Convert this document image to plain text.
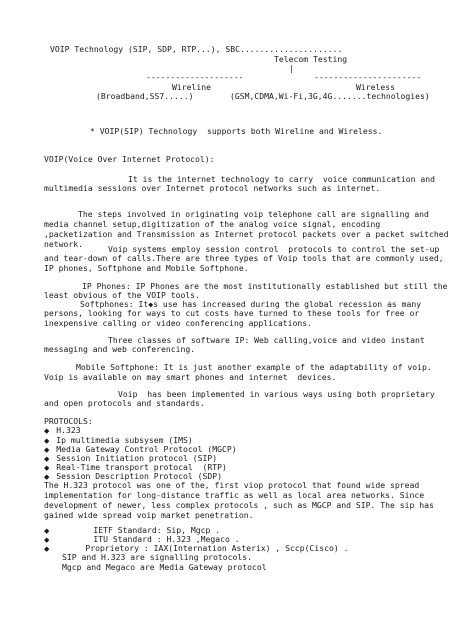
VOIP Technology (SIP, SDP, RTP...), SBC.....................
Telecom Testing
|
--------------------	----------------------
Wireline	Wireless
(Broadband,SS7.....)	(GSM,CDMA,Wi-Fi,3G,4G.......technologies)
* VOIP(SIP) Technology  supports both Wireline and Wireless.
VOIP(Voice Over Internet Protocol):
It is the internet technology to carry  voice communication and
multimedia sessions over Internet protocol networks such as internet.

The steps involved in originating voip telephone call are signalling and
media channel setup,digitization of the analog voice signal, encoding
,packetization and Transmission as Internet protocol packets over a packet switched
network.	Voip systems employ session control  protocols to control the set-up
and tear-down of calls.There are three types of Voip tools that are commonly used,
IP phones, Softphone and Mobile Softphone.
IP Phones: IP Phones are the most institutionally established but still the
least obvious of the VOIP tools.
Softphones: It◆s use has increased during the global recession as many
persons, looking for ways to cut costs have turned to these tools for free or
inexpensive calling or video conferencing applications.
Three classes of software IP: Web calling,voice and video instant
messaging and web conferencing.
Mobile Softphone: It is just another example of the adaptability of voip.
Voip is available on may smart phones and internet  devices.
Voip  has been implemented in various ways using both proprietary
and open protocols and standards.
PROTOCOLS:
◆ H.323
◆ Ip multimedia subsysem (IMS)
◆ Media Gateway Control Protocol (MGCP)
◆ Session Initiation protocol (SIP)
◆ Real-Time transport protocal  (RTP)
◆ Session Description Protocol (SDP)
The H.323 protocol was one of the, first viop protocol that found wide spread
implementation for long-distance traffic as well as local area networks. Since
development of newer, less complex protocols , such as MGCP and SIP. The sip has
gained wide spread voip market penetration.
◆	IETF Standard: Sip, Mgcp .
◆	ITU Standard : H.323 ,Megaco .
◆	Proprietory : IAX(Internation Asterix) , Sccp(Cisco) .
SIP and H.323 are signalling protocols.
Mgcp and Megaco are Media Gateway protocol
